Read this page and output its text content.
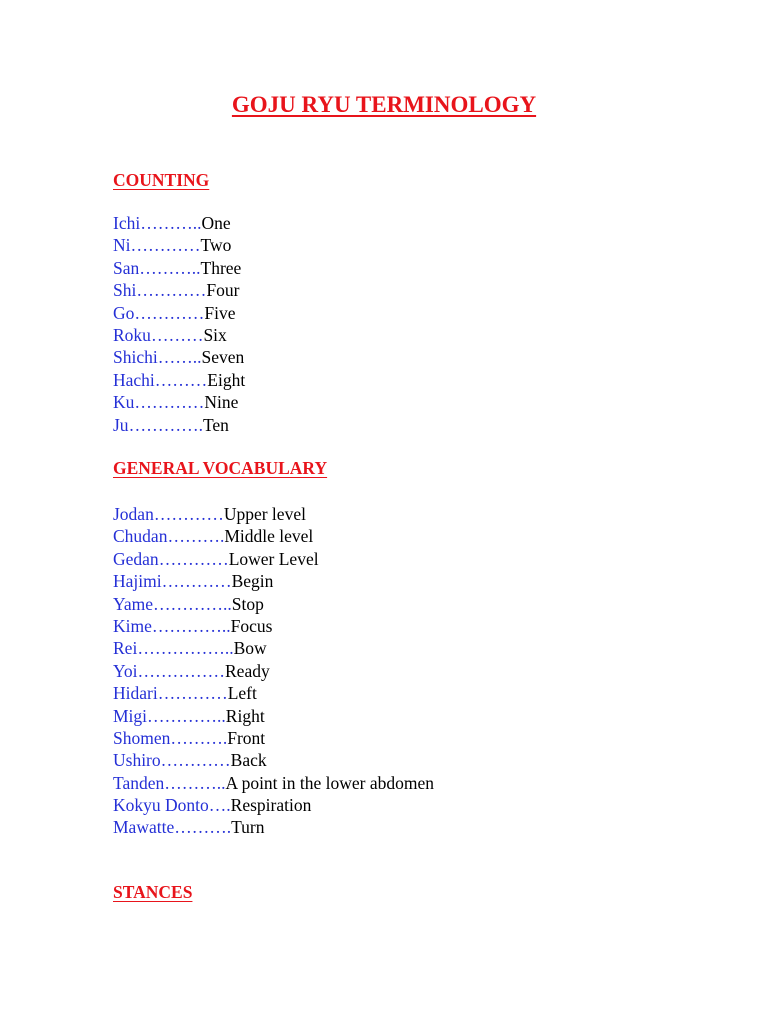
GOJU RYU TERMINOLOGY
COUNTING
Ichi………..One
Ni…………Two
San………..Three
Shi…………Four
Go…………Five
Roku………Six
Shichi……..Seven
Hachi………Eight
Ku…………Nine
Ju………….Ten
GENERAL VOCABULARY
Jodan…………Upper level
Chudan……….Middle level
Gedan…………Lower Level
Hajimi…………Begin
Yame…………..Stop
Kime…………..Focus
Rei……………..Bow
Yoi……………Ready
Hidari…………Left
Migi…………..Right
Shomen……….Front
Ushiro…………Back
Tanden………..A point in the lower abdomen
Kokyu Donto….Respiration
Mawatte……….Turn
STANCES
